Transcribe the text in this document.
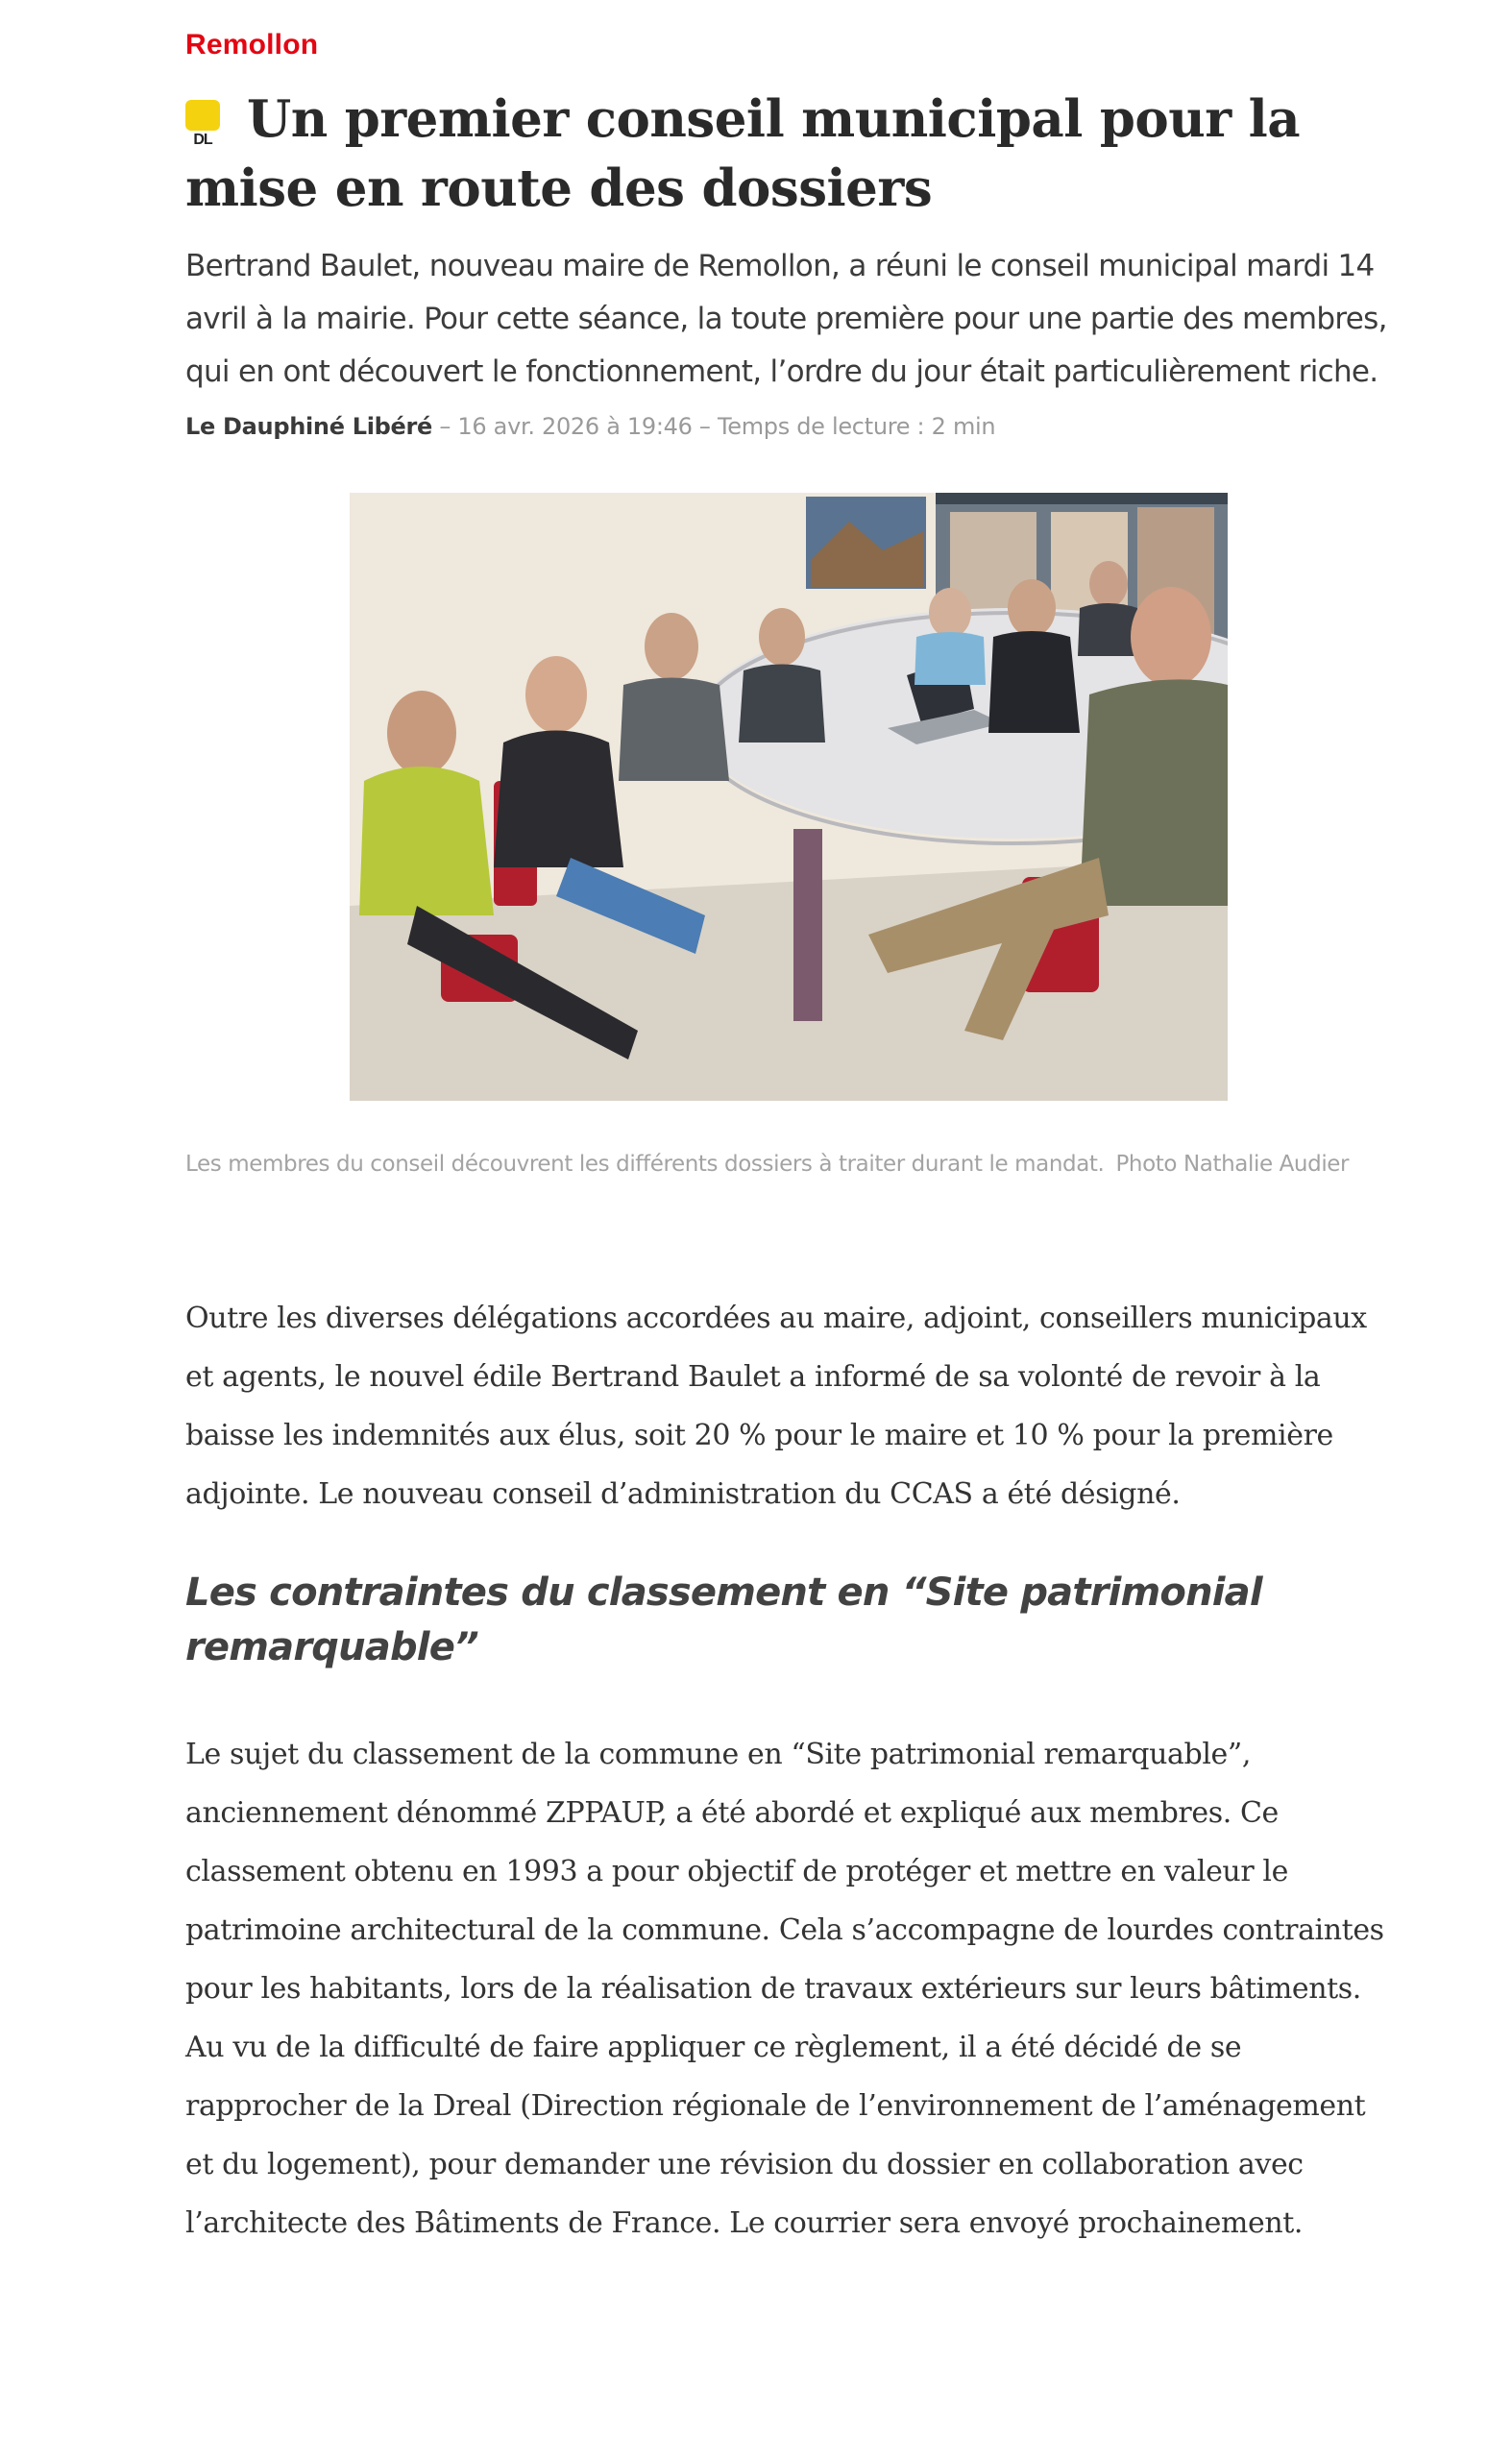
Remollon
DL Un premier conseil municipal pour la mise en route des dossiers

Bertrand Baulet, nouveau maire de Remollon, a réuni le conseil municipal mardi 14 avril à la mairie. Pour cette séance, la toute première pour une partie des membres, qui en ont découvert le fonctionnement, l’ordre du jour était particulièrement riche.

Le Dauphiné Libéré – 16 avr. 2026 à 19:46 – Temps de lecture : 2 min
Les membres du conseil découvrent les différents dossiers à traiter durant le mandat. Photo Nathalie Audier

Outre les diverses délégations accordées au maire, adjoint, conseillers municipaux et agents, le nouvel édile Bertrand Baulet a informé de sa volonté de revoir à la baisse les indemnités aux élus, soit 20 % pour le maire et 10 % pour la première adjointe. Le nouveau conseil d’administration du CCAS a été désigné.

Les contraintes du classement en “Site patrimonial remarquable”

Le sujet du classement de la commune en “Site patrimonial remarquable”, anciennement dénommé ZPPAUP, a été abordé et expliqué aux membres. Ce classement obtenu en 1993 a pour objectif de protéger et mettre en valeur le patrimoine architectural de la commune. Cela s’accompagne de lourdes contraintes pour les habitants, lors de la réalisation de travaux extérieurs sur leurs bâtiments. Au vu de la difficulté de faire appliquer ce règlement, il a été décidé de se rapprocher de la Dreal (Direction régionale de l’environnement de l’aménagement et du logement), pour demander une révision du dossier en collaboration avec l’architecte des Bâtiments de France. Le courrier sera envoyé prochainement.
